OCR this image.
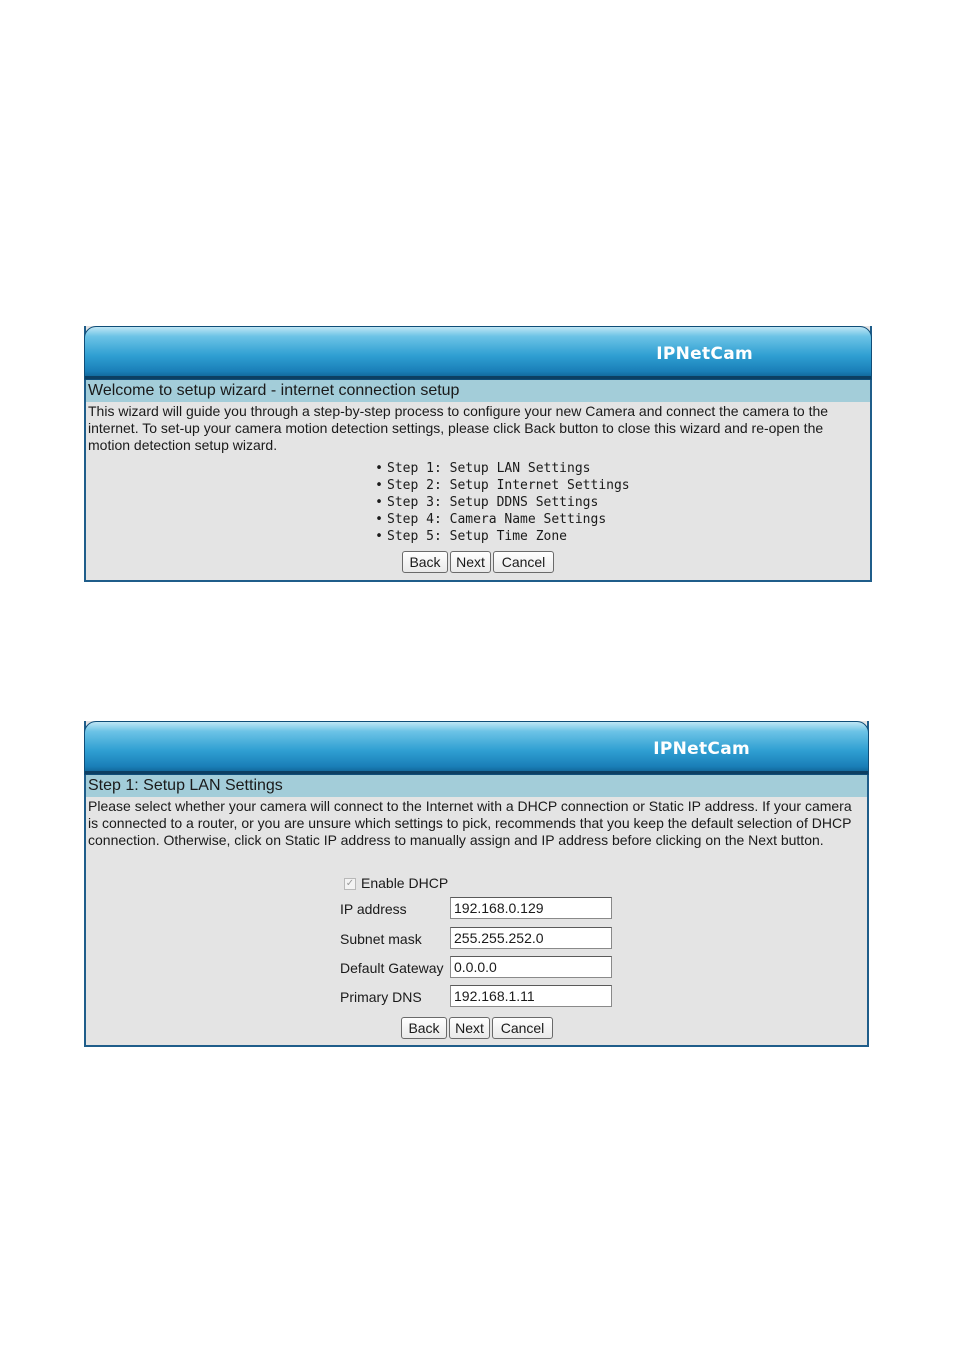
IPNetCam
Welcome to setup wizard - internet connection setup
This wizard will guide you through a step-by-step process to configure your new Camera and connect the camera to the internet. To set-up your camera motion detection settings, please click Back button to close this wizard and re-open the motion detection setup wizard.
• Step 1: Setup LAN Settings
• Step 2: Setup Internet Settings
• Step 3: Setup DDNS Settings
• Step 4: Camera Name Settings
• Step 5: Setup Time Zone
Back	Next	Cancel
IPNetCam
Step 1: Setup LAN Settings
Please select whether your camera will connect to the Internet with a DHCP connection or Static IP address. If your camera is connected to a router, or you are unsure which settings to pick, recommends that you keep the default selection of DHCP connection. Otherwise, click on Static IP address to manually assign and IP address before clicking on the Next button.
✓ Enable DHCP
IP address	192.168.0.129
Subnet mask 255.255.252.0
Default Gateway 0.0.0.0
Primary DNS 192.168.1.11
Back	Next	Cancel
